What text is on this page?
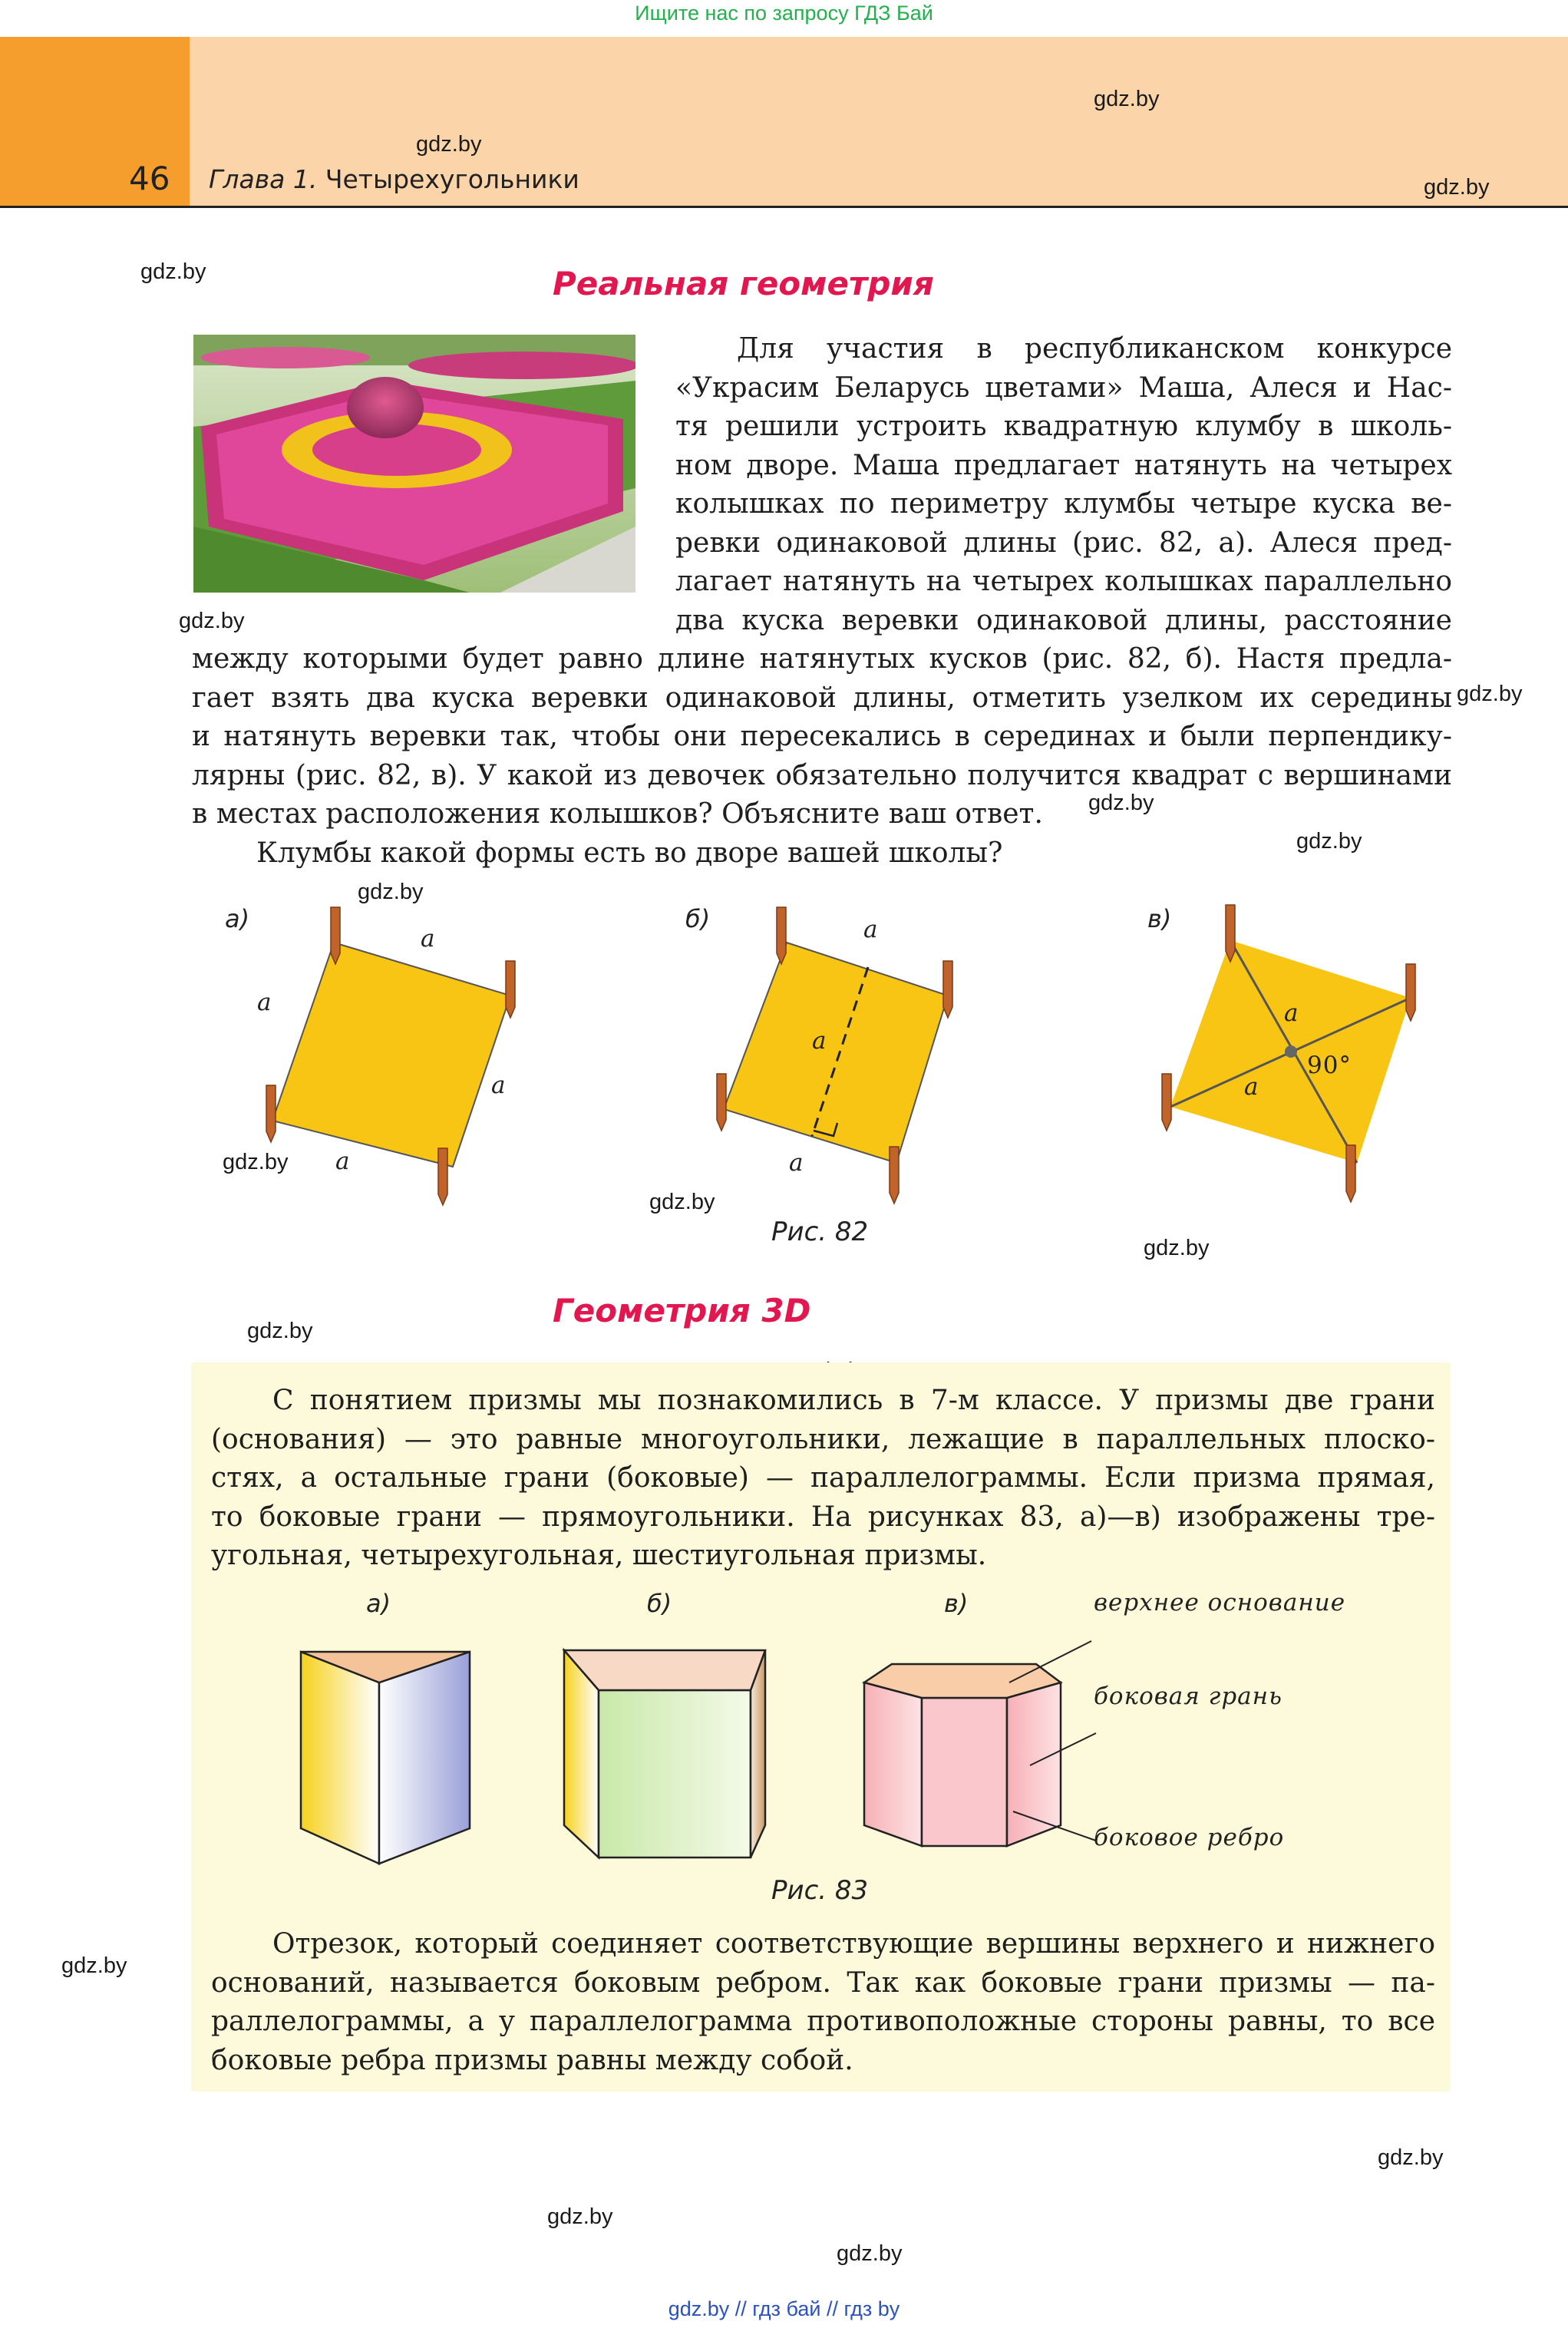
Ищите нас по запросу ГДЗ Бай
46 Глава 1. Четырехугольники
gdz.by
gdz.by
gdz.by
gdz.by
gdz.by
gdz.by
gdz.by
gdz.by
gdz.by
gdz.by
gdz.by
gdz.by
gdz.by
gdz.by
gdz.by
gdz.by
gdz.by
Реальная геометрия
Для участия в республиканском конкурсе
«Украсим Беларусь цветами» Маша, Алеся и Нас-
тя решили устроить квадратную клумбу в школь-
ном дворе. Маша предлагает натянуть на четырех
колышках по периметру клумбы четыре куска ве-
ревки одинаковой длины (рис. 82, а). Алеся пред-
лагает натянуть на четырех колышках параллельно
два куска веревки одинаковой длины, расстояние
между которыми будет равно длине натянутых кусков (рис. 82, б). Настя предла-
гает взять два куска веревки одинаковой длины, отметить узелком их середины
и натянуть веревки так, чтобы они пересекались в серединах и были перпендику-
лярны (рис. 82, в). У какой из девочек обязательно получится квадрат с вершинами
в местах расположения колышков? Объясните ваш ответ.
Клумбы какой формы есть во дворе вашей школы?
а)	б)	в)
a
a
a
a
a
a
a
a
a
90°
Рис. 82
Геометрия 3D
С понятием призмы мы познакомились в 7-м классе. У призмы две грани
(основания) — это равные многоугольники, лежащие в параллельных плоско-
стях, а остальные грани (боковые) — параллелограммы. Если призма прямая,
то боковые грани — прямоугольники. На рисунках 83, а)—в) изображены тре-
угольная, четырехугольная, шестиугольная призмы.
а)	б)	в)	верхнее основание
боковая грань
боковое ребро
Рис. 83
Отрезок, который соединяет соответствующие вершины верхнего и нижнего
оснований, называется боковым ребром. Так как боковые грани призмы — па-
раллелограммы, а у параллелограмма противоположные стороны равны, то все
боковые ребра призмы равны между собой.
gdz.by // гдз бай // гдз by
